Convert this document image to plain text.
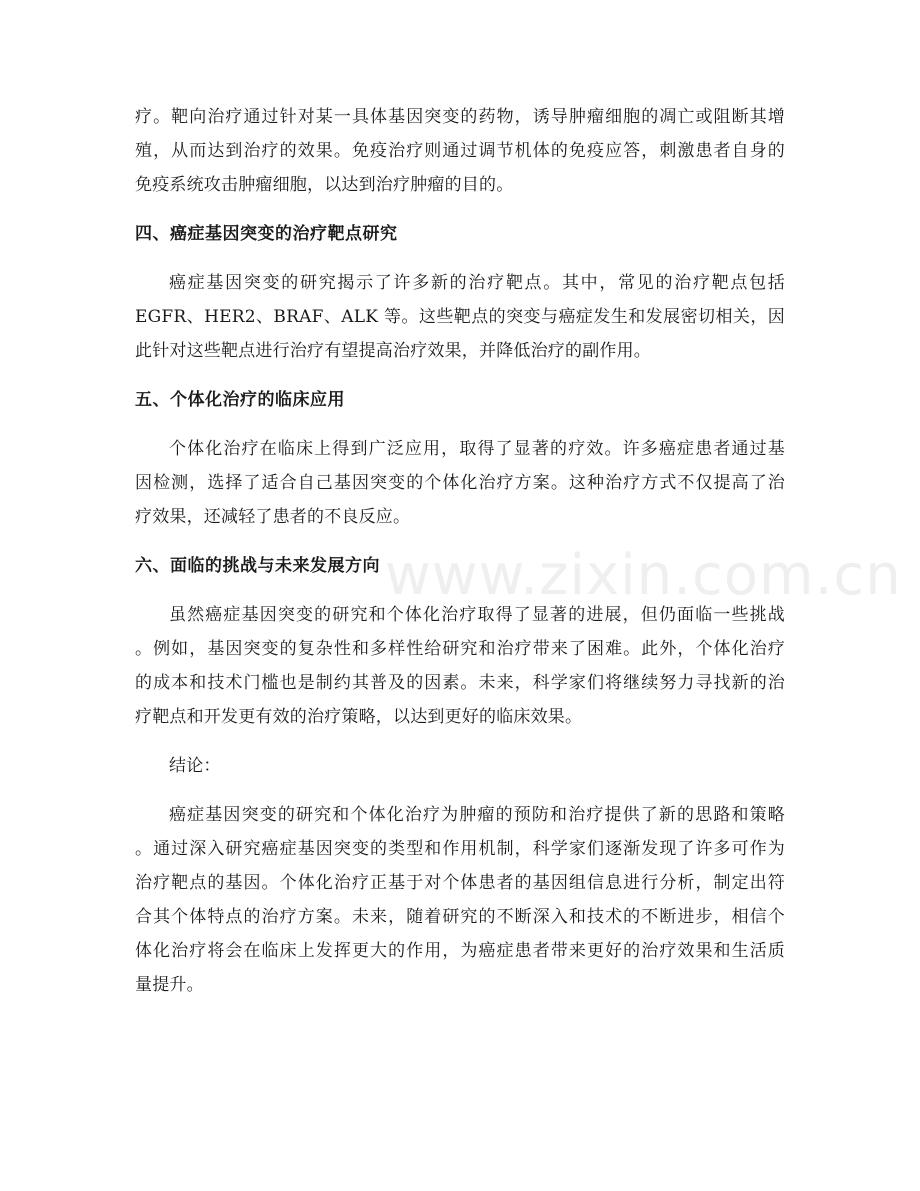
疗。靶向治疗通过针对某一具体基因突变的药物，诱导肿瘤细胞的凋亡或阻断其增
殖，从而达到治疗的效果。免疫治疗则通过调节机体的免疫应答，刺激患者自身的
免疫系统攻击肿瘤细胞，以达到治疗肿瘤的目的。
四、癌症基因突变的治疗靶点研究
癌症基因突变的研究揭示了许多新的治疗靶点。其中，常见的治疗靶点包括
EGFR、HER2、BRAF、ALK 等。这些靶点的突变与癌症发生和发展密切相关，因
此针对这些靶点进行治疗有望提高治疗效果，并降低治疗的副作用。
五、个体化治疗的临床应用
个体化治疗在临床上得到广泛应用，取得了显著的疗效。许多癌症患者通过基
因检测，选择了适合自己基因突变的个体化治疗方案。这种治疗方式不仅提高了治
疗效果，还减轻了患者的不良反应。
六、面临的挑战与未来发展方向
虽然癌症基因突变的研究和个体化治疗取得了显著的进展，但仍面临一些挑战
。例如，基因突变的复杂性和多样性给研究和治疗带来了困难。此外，个体化治疗
的成本和技术门槛也是制约其普及的因素。未来，科学家们将继续努力寻找新的治
疗靶点和开发更有效的治疗策略，以达到更好的临床效果。
结论：
癌症基因突变的研究和个体化治疗为肿瘤的预防和治疗提供了新的思路和策略
。通过深入研究癌症基因突变的类型和作用机制，科学家们逐渐发现了许多可作为
治疗靶点的基因。个体化治疗正基于对个体患者的基因组信息进行分析，制定出符
合其个体特点的治疗方案。未来，随着研究的不断深入和技术的不断进步，相信个
体化治疗将会在临床上发挥更大的作用，为癌症患者带来更好的治疗效果和生活质
量提升。
www.zixin.com.cn
